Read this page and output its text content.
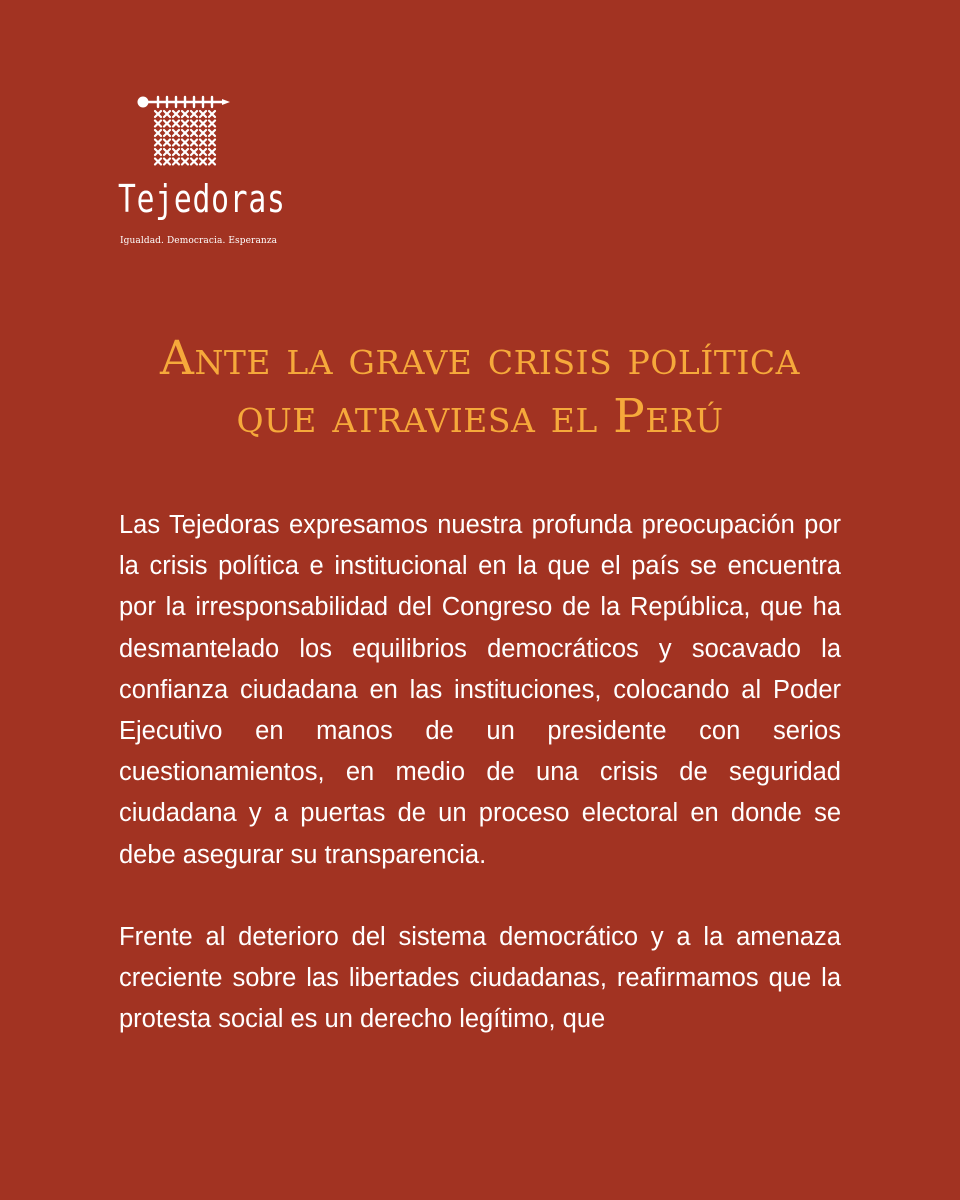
Tejedoras
Igualdad. Democracia. Esperanza
Ante la grave crisis política
que atraviesa el Perú

Las Tejedoras expresamos nuestra profunda preocupación por la crisis política e institucional en la que el país se encuentra por la irresponsabilidad del Congreso de la República, que ha desmantelado los equilibrios democráticos y socavado la confianza ciudadana en las instituciones, colocando al Poder Ejecutivo en manos de un presidente con serios cuestionamientos, en medio de una crisis de seguridad ciudadana y a puertas de un proceso electoral en donde se debe asegurar su transparencia.

Frente al deterioro del sistema democrático y a la amenaza creciente sobre las libertades ciudadanas, reafirmamos que la protesta social es un derecho legítimo, que
